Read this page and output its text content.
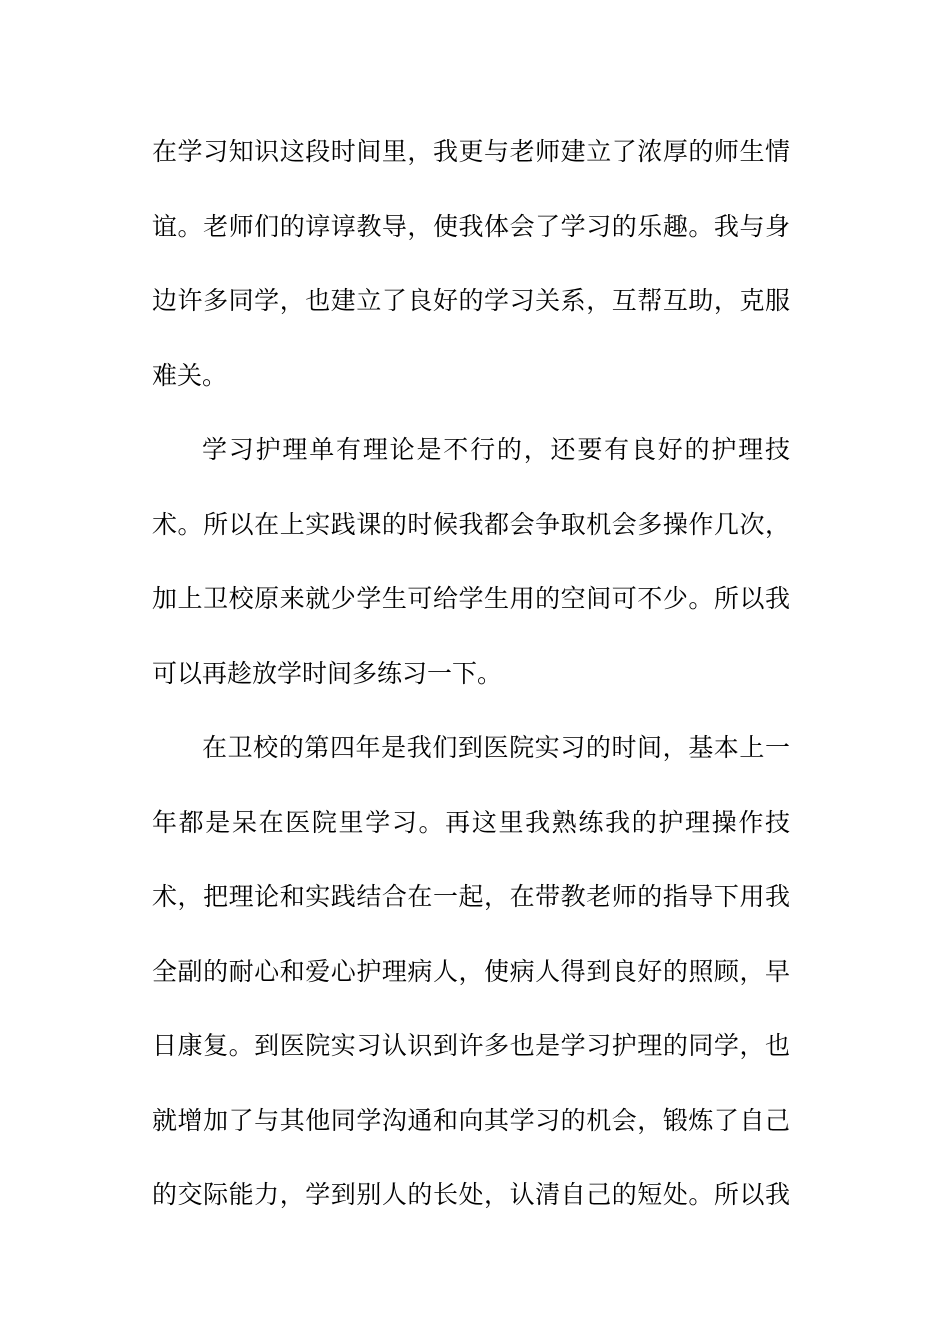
在学习知识这段时间里，我更与老师建立了浓厚的师生情
谊。老师们的谆谆教导，使我体会了学习的乐趣。我与身
边许多同学，也建立了良好的学习关系，互帮互助，克服
难关。
学习护理单有理论是不行的，还要有良好的护理技
术。所以在上实践课的时候我都会争取机会多操作几次，
加上卫校原来就少学生可给学生用的空间可不少。所以我
可以再趁放学时间多练习一下。
在卫校的第四年是我们到医院实习的时间，基本上一
年都是呆在医院里学习。再这里我熟练我的护理操作技
术，把理论和实践结合在一起，在带教老师的指导下用我
全副的耐心和爱心护理病人，使病人得到良好的照顾，早
日康复。到医院实习认识到许多也是学习护理的同学，也
就增加了与其他同学沟通和向其学习的机会，锻炼了自己
的交际能力，学到别人的长处，认清自己的短处。所以我
